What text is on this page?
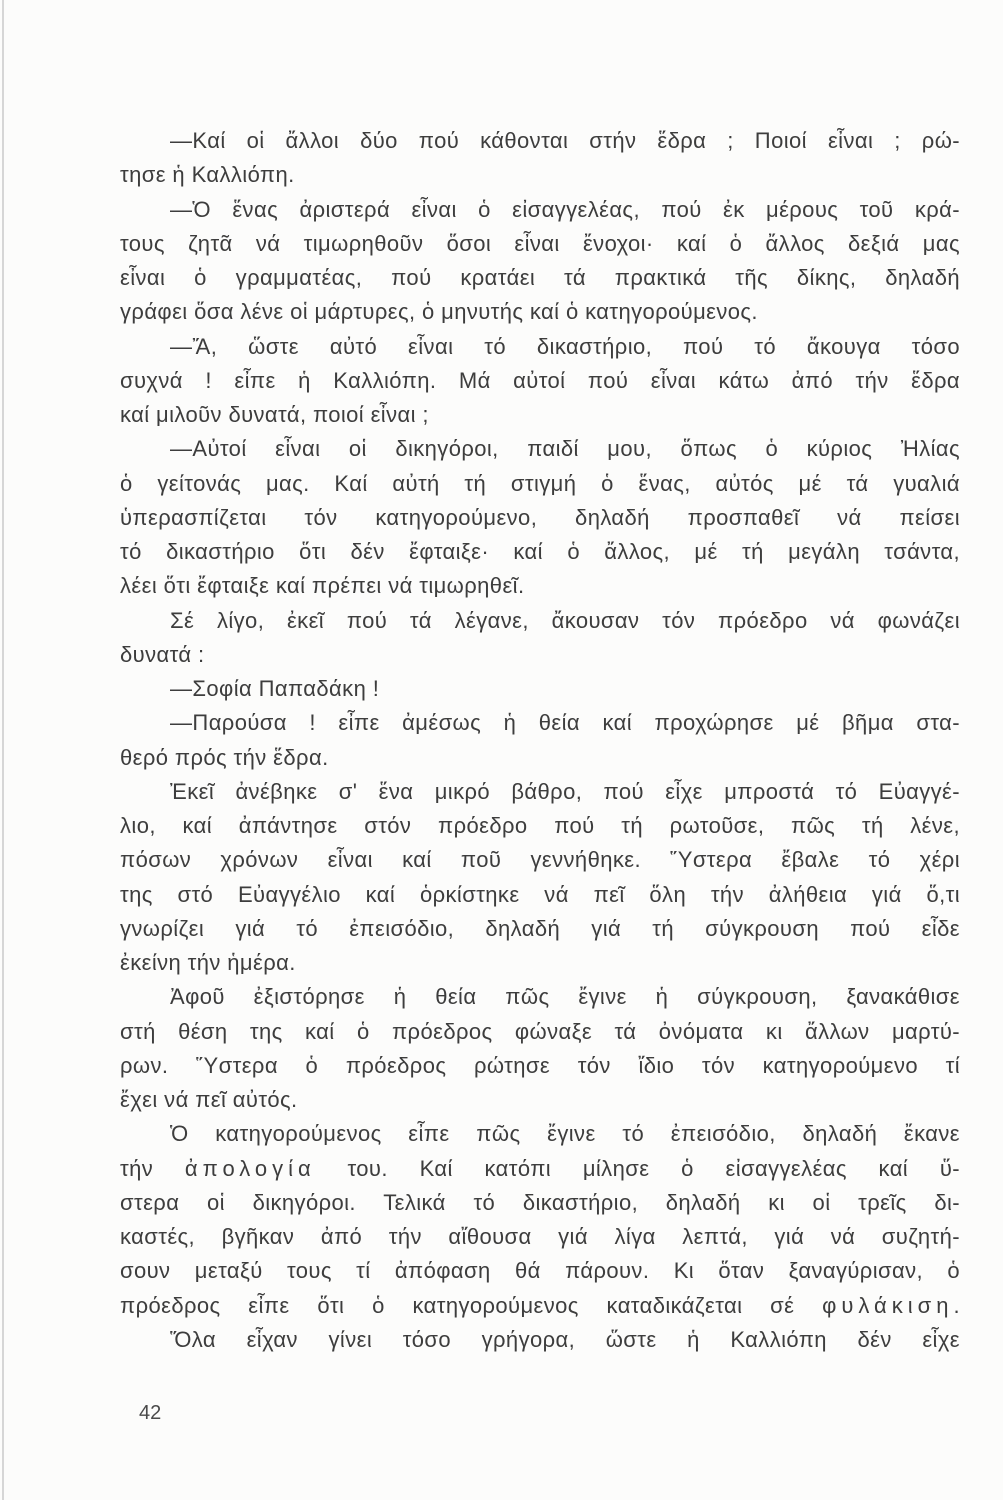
—Καί οἱ ἄλλοι δύο πού κάθονται στήν ἕδρα ; Ποιοί εἶναι ; ρώ-
τησε ἡ Καλλιόπη.
—Ὁ ἕνας ἀριστερά εἶναι ὁ εἰσαγγελέας, πού ἐκ μέρους τοῦ κρά-
τους ζητᾶ νά τιμωρηθοῦν ὅσοι εἶναι ἔνοχοι· καί ὁ ἄλλος δεξιά μας
εἶναι ὁ γραμματέας, πού κρατάει τά πρακτικά τῆς δίκης, δηλαδή
γράφει ὅσα λένε οἱ μάρτυρες, ὁ μηνυτής καί ὁ κατηγορούμενος.
—Ἄ, ὥστε αὐτό εἶναι τό δικαστήριο, πού τό ἄκουγα τόσο
συχνά ! εἶπε ἡ Καλλιόπη. Μά αὐτοί πού εἶναι κάτω ἀπό τήν ἕδρα
καί μιλοῦν δυνατά, ποιοί εἶναι ;
—Αὐτοί εἶναι οἱ δικηγόροι, παιδί μου, ὅπως ὁ κύριος Ἠλίας
ὁ γείτονάς μας. Καί αὐτή τή στιγμή ὁ ἕνας, αὐτός μέ τά γυαλιά
ὑπερασπίζεται τόν κατηγορούμενο, δηλαδή προσπαθεῖ νά πείσει
τό δικαστήριο ὅτι δέν ἔφταιξε· καί ὁ ἄλλος, μέ τή μεγάλη τσάντα,
λέει ὅτι ἔφταιξε καί πρέπει νά τιμωρηθεῖ.
Σέ λίγο, ἐκεῖ πού τά λέγανε, ἄκουσαν τόν πρόεδρο νά φωνάζει
δυνατά :
—Σοφία Παπαδάκη !
—Παρούσα ! εἶπε ἀμέσως ἡ θεία καί προχώρησε μέ βῆμα στα-
θερό πρός τήν ἕδρα.
Ἐκεῖ ἀνέβηκε σ' ἕνα μικρό βάθρο, πού εἶχε μπροστά τό Εὐαγγέ-
λιο, καί ἀπάντησε στόν πρόεδρο πού τή ρωτοῦσε, πῶς τή λένε,
πόσων χρόνων εἶναι καί ποῦ γεννήθηκε. Ὕστερα ἔβαλε τό χέρι
της στό Εὐαγγέλιο καί ὁρκίστηκε νά πεῖ ὅλη τήν ἀλήθεια γιά ὅ,τι
γνωρίζει γιά τό ἐπεισόδιο, δηλαδή γιά τή σύγκρουση πού εἶδε
ἐκείνη τήν ἡμέρα.
Ἀφοῦ ἐξιστόρησε ἡ θεία πῶς ἔγινε ἡ σύγκρουση, ξανακάθισε
στή θέση της καί ὁ πρόεδρος φώναξε τά ὀνόματα κι ἄλλων μαρτύ-
ρων. Ὕστερα ὁ πρόεδρος ρώτησε τόν ἴδιο τόν κατηγορούμενο τί
ἔχει νά πεῖ αὐτός.
Ὁ κατηγορούμενος εἶπε πῶς ἔγινε τό ἐπεισόδιο, δηλαδή ἔκανε
τήν ἀπολογία του. Καί κατόπι μίλησε ὁ εἰσαγγελέας καί ὕ-
στερα οἱ δικηγόροι. Τελικά τό δικαστήριο, δηλαδή κι οἱ τρεῖς δι-
καστές, βγῆκαν ἀπό τήν αἴθουσα γιά λίγα λεπτά, γιά νά συζητή-
σουν μεταξύ τους τί ἀπόφαση θά πάρουν. Κι ὅταν ξαναγύρισαν, ὁ
πρόεδρος εἶπε ὅτι ὁ κατηγορούμενος καταδικάζεται σέ φυλάκιση.
Ὅλα εἶχαν γίνει τόσο γρήγορα, ὥστε ἡ Καλλιόπη δέν εἶχε
42
